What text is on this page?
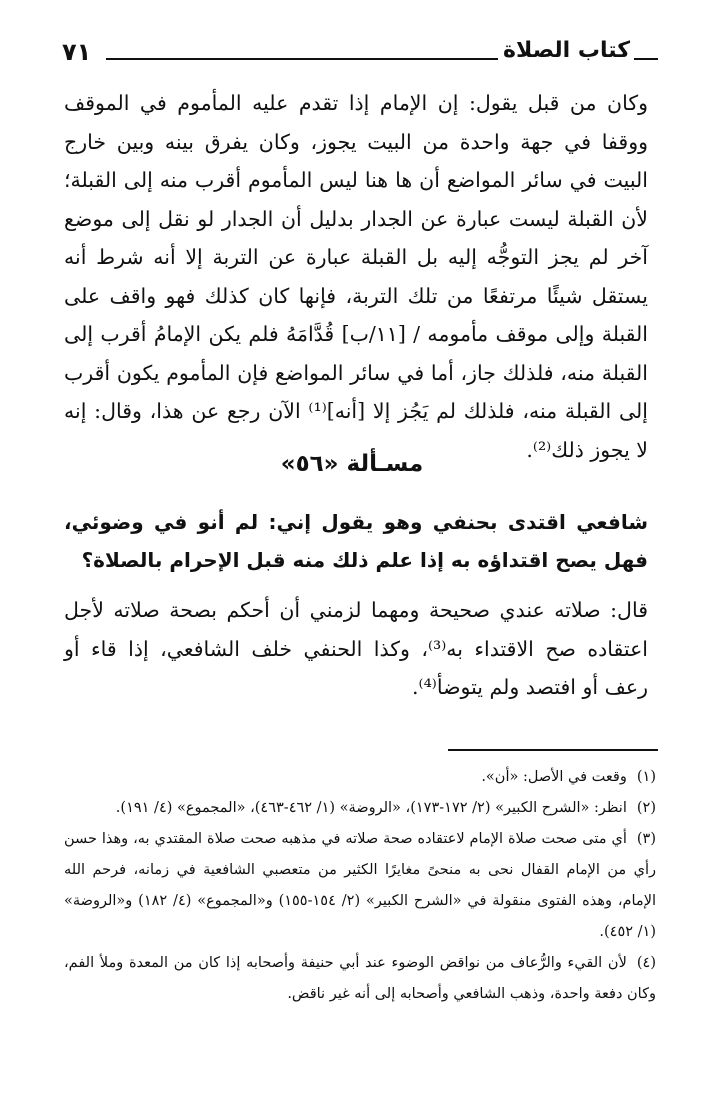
٧١	كتاب الصلاة

وكان من قبل يقول: إن الإمام إذا تقدم عليه المأموم في الموقف ووقفا في جهة واحدة من البيت يجوز، وكان يفرق بينه وبين خارج البيت في سائر المواضع أن ها هنا ليس المأموم أقرب منه إلى القبلة؛ لأن القبلة ليست عبارة عن الجدار بدليل أن الجدار لو نقل إلى موضع آخر لم يجز التوجُّه إليه بل القبلة عبارة عن التربة إلا أنه شرط أنه يستقل شيئًا مرتفعًا من تلك التربة، فإنها كان كذلك فهو واقف على القبلة وإلى موقف مأمومه / [١١/ب] قُدَّامَهُ فلم يكن الإمامُ أقرب إلى القبلة منه، فلذلك جاز، أما في سائر المواضع فإن المأموم يكون أقرب إلى القبلة منه، فلذلك لم يَجُز إلا [أنه]⁽¹⁾ الآن رجع عن هذا، وقال: إنه لا يجوز ذلك⁽²⁾.

مسـألة «٥٦»

شافعي اقتدى بحنفي وهو يقول إني: لم أنو في وضوئي، فهل يصح اقتداؤه به إذا علم ذلك منه قبل الإحرام بالصلاة؟

قال: صلاته عندي صحيحة ومهما لزمني أن أحكم بصحة صلاته لأجل اعتقاده صح الاقتداء به⁽³⁾، وكذا الحنفي خلف الشافعي، إذا قاء أو رعف أو افتصد ولم يتوضأ⁽⁴⁾.

(١)وقعت في الأصل: «أن».

(٢)انظر: «الشرح الكبير» (٢/ ١٧٢-١٧٣)، «الروضة» (١/ ٤٦٢-٤٦٣)، «المجموع» (٤/ ١٩١).

(٣)أي متى صحت صلاة الإمام لاعتقاده صحة صلاته في مذهبه صحت صلاة المقتدي به، وهذا حسن رأي من الإمام القفال نحى به منحىً مغايرًا الكثير من متعصبي الشافعية في زمانه، فرحم الله الإمام، وهذه الفتوى منقولة في «الشرح الكبير» (٢/ ١٥٤-١٥٥) و«المجموع» (٤/ ١٨٢) و«الروضة» (١/ ٤٥٢).

(٤)لأن القيء والرُّعاف من نواقض الوضوء عند أبي حنيفة وأصحابه إذا كان من المعدة وملأ الفم، وكان دفعة واحدة، وذهب الشافعي وأصحابه إلى أنه غير ناقض.
